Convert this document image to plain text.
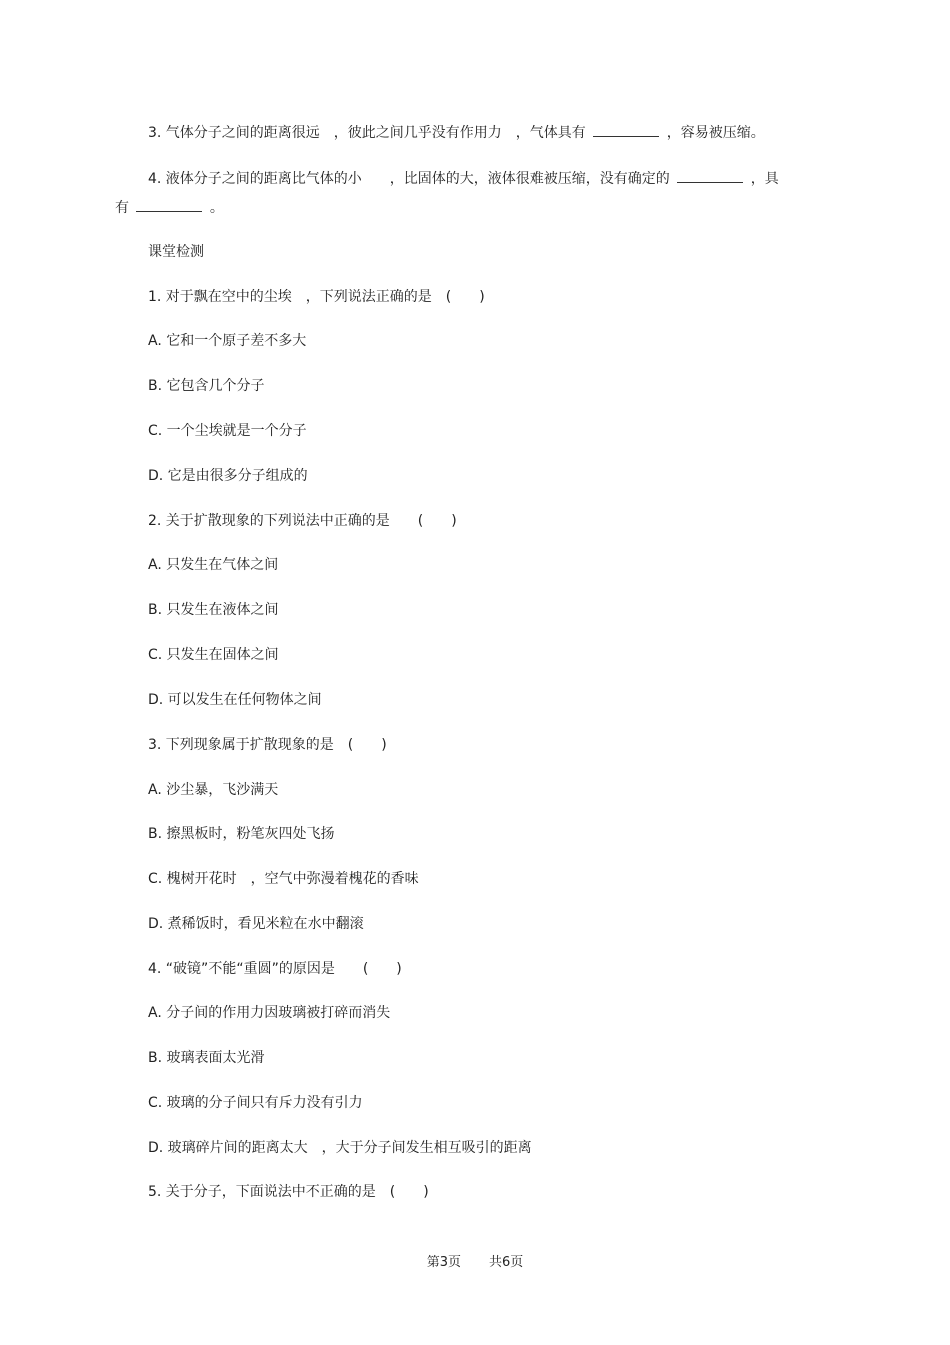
3. 气体分子之间的距离很远　，彼此之间几乎没有作用力　，气体具有	，容易被压缩。
4. 液体分子之间的距离比气体的小　　，比固体的大，液体很难被压缩，没有确定的	，具
有	。
课堂检测
1. 对于飘在空中的尘埃　，下列说法正确的是　(　　)
A. 它和一个原子差不多大
B. 它包含几个分子
C. 一个尘埃就是一个分子
D. 它是由很多分子组成的
2. 关于扩散现象的下列说法中正确的是　　(　　)
A. 只发生在气体之间
B. 只发生在液体之间
C. 只发生在固体之间
D. 可以发生在任何物体之间
3. 下列现象属于扩散现象的是　(　　)
A. 沙尘暴，飞沙满天
B. 擦黑板时，粉笔灰四处飞扬
C. 槐树开花时　，空气中弥漫着槐花的香味
D. 煮稀饭时，看见米粒在水中翻滚
4. “破镜”不能“重圆”的原因是　　(　　)
A. 分子间的作用力因玻璃被打碎而消失
B. 玻璃表面太光滑
C. 玻璃的分子间只有斥力没有引力
D. 玻璃碎片间的距离太大　，大于分子间发生相互吸引的距离
5. 关于分子，下面说法中不正确的是　(　　)
第3页 共6页
